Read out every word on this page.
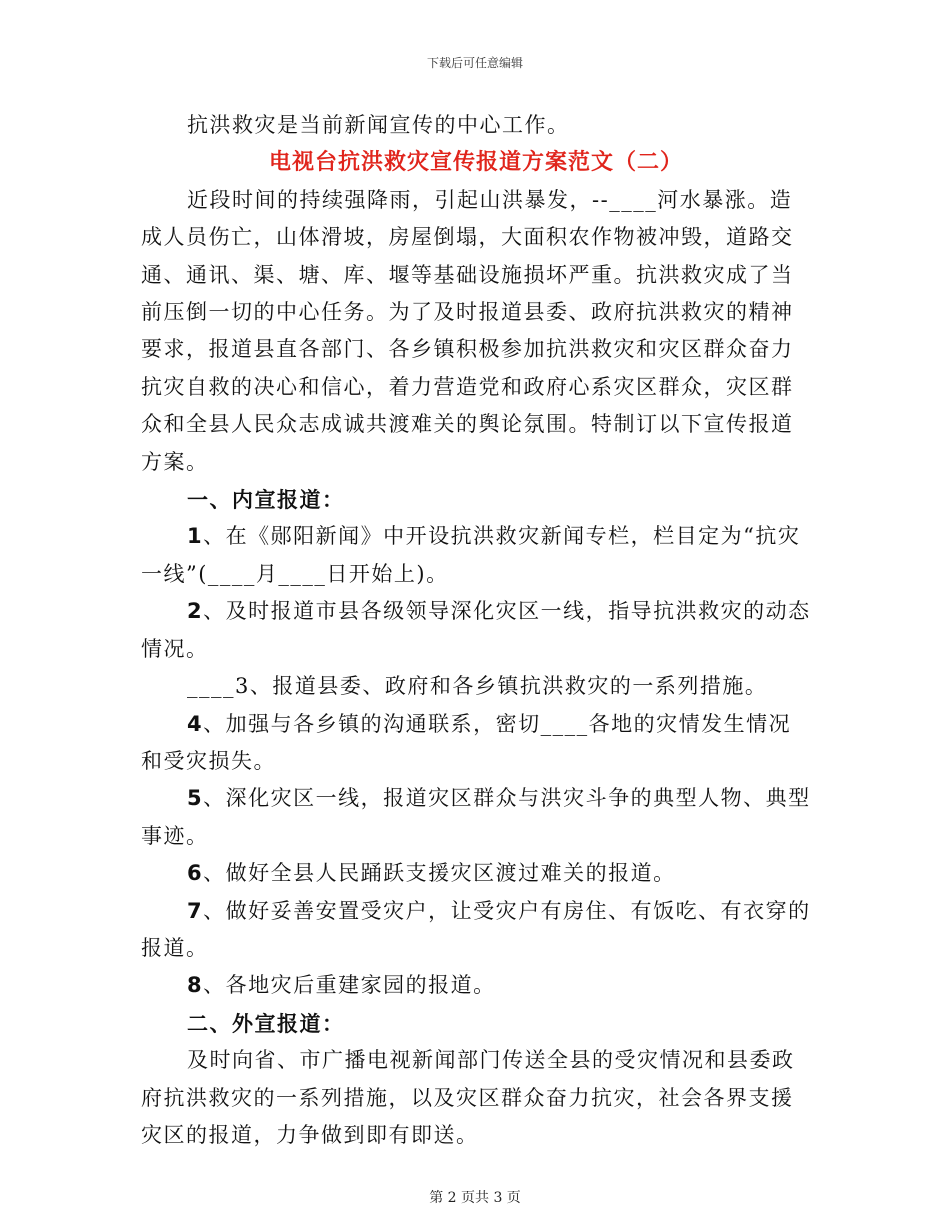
下载后可任意编辑

抗洪救灾是当前新闻宣传的中心工作。

电视台抗洪救灾宣传报道方案范文（二）

近段时间的持续强降雨，引起山洪暴发，--____河水暴涨。造成人员伤亡，山体滑坡，房屋倒塌，大面积农作物被冲毁，道路交通、通讯、渠、塘、库、堰等基础设施损坏严重。抗洪救灾成了当前压倒一切的中心任务。为了及时报道县委、政府抗洪救灾的精神要求，报道县直各部门、各乡镇积极参加抗洪救灾和灾区群众奋力抗灾自救的决心和信心，着力营造党和政府心系灾区群众，灾区群众和全县人民众志成诚共渡难关的舆论氛围。特制订以下宣传报道方案。

一、内宣报道：

1、在《郧阳新闻》中开设抗洪救灾新闻专栏，栏目定为“抗灾一线”(____月____日开始上)。

2、及时报道市县各级领导深化灾区一线，指导抗洪救灾的动态情况。

____3、报道县委、政府和各乡镇抗洪救灾的一系列措施。

4、加强与各乡镇的沟通联系，密切____各地的灾情发生情况和受灾损失。

5、深化灾区一线，报道灾区群众与洪灾斗争的典型人物、典型事迹。

6、做好全县人民踊跃支援灾区渡过难关的报道。

7、做好妥善安置受灾户，让受灾户有房住、有饭吃、有衣穿的报道。

8、各地灾后重建家园的报道。

二、外宣报道：

及时向省、市广播电视新闻部门传送全县的受灾情况和县委政府抗洪救灾的一系列措施，以及灾区群众奋力抗灾，社会各界支援灾区的报道，力争做到即有即送。

第 2 页共 3 页
